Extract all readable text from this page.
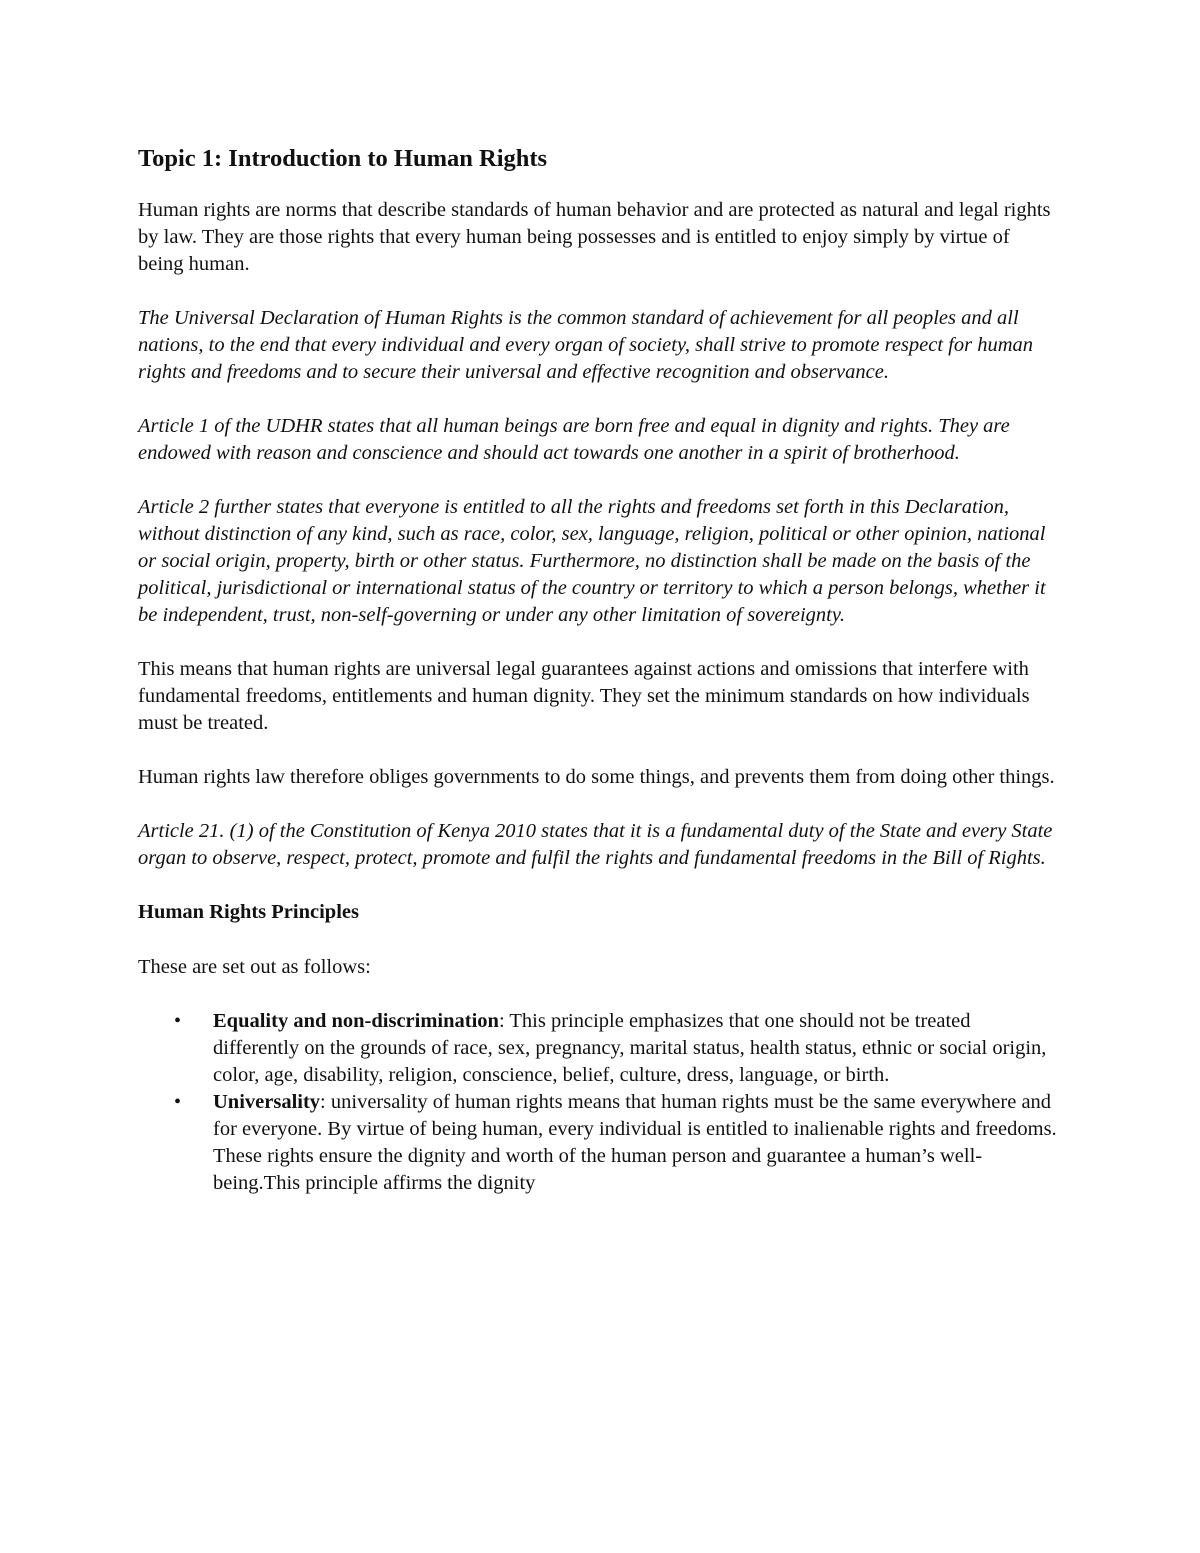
Topic 1: Introduction to Human Rights

Human rights are norms that describe standards of human behavior and are protected as natural and legal rights by law. They are those rights that every human being possesses and is entitled to enjoy simply by virtue of being human.

The Universal Declaration of Human Rights is the common standard of achievement for all peoples and all nations, to the end that every individual and every organ of society, shall strive to promote respect for human rights and freedoms and to secure their universal and effective recognition and observance.

Article 1 of the UDHR states that all human beings are born free and equal in dignity and rights. They are endowed with reason and conscience and should act towards one another in a spirit of brotherhood.

Article 2 further states that everyone is entitled to all the rights and freedoms set forth in this Declaration, without distinction of any kind, such as race, color, sex, language, religion, political or other opinion, national or social origin, property, birth or other status. Furthermore, no distinction shall be made on the basis of the political, jurisdictional or international status of the country or territory to which a person belongs, whether it be independent, trust, non-self-governing or under any other limitation of sovereignty.

This means that human rights are universal legal guarantees against actions and omissions that interfere with fundamental freedoms, entitlements and human dignity. They set the minimum standards on how individuals must be treated.

Human rights law therefore obliges governments to do some things, and prevents them from doing other things.

Article 21. (1) of the Constitution of Kenya 2010 states that it is a fundamental duty of the State and every State organ to observe, respect, protect, promote and fulfil the rights and fundamental freedoms in the Bill of Rights.

Human Rights Principles

These are set out as follows:

• Equality and non-discrimination: This principle emphasizes that one should not be treated differently on the grounds of race, sex, pregnancy, marital status, health status, ethnic or social origin, color, age, disability, religion, conscience, belief, culture, dress, language, or birth.
• Universality: universality of human rights means that human rights must be the same everywhere and for everyone. By virtue of being human, every individual is entitled to inalienable rights and freedoms. These rights ensure the dignity and worth of the human person and guarantee a human’s well-being.This principle affirms the dignity
